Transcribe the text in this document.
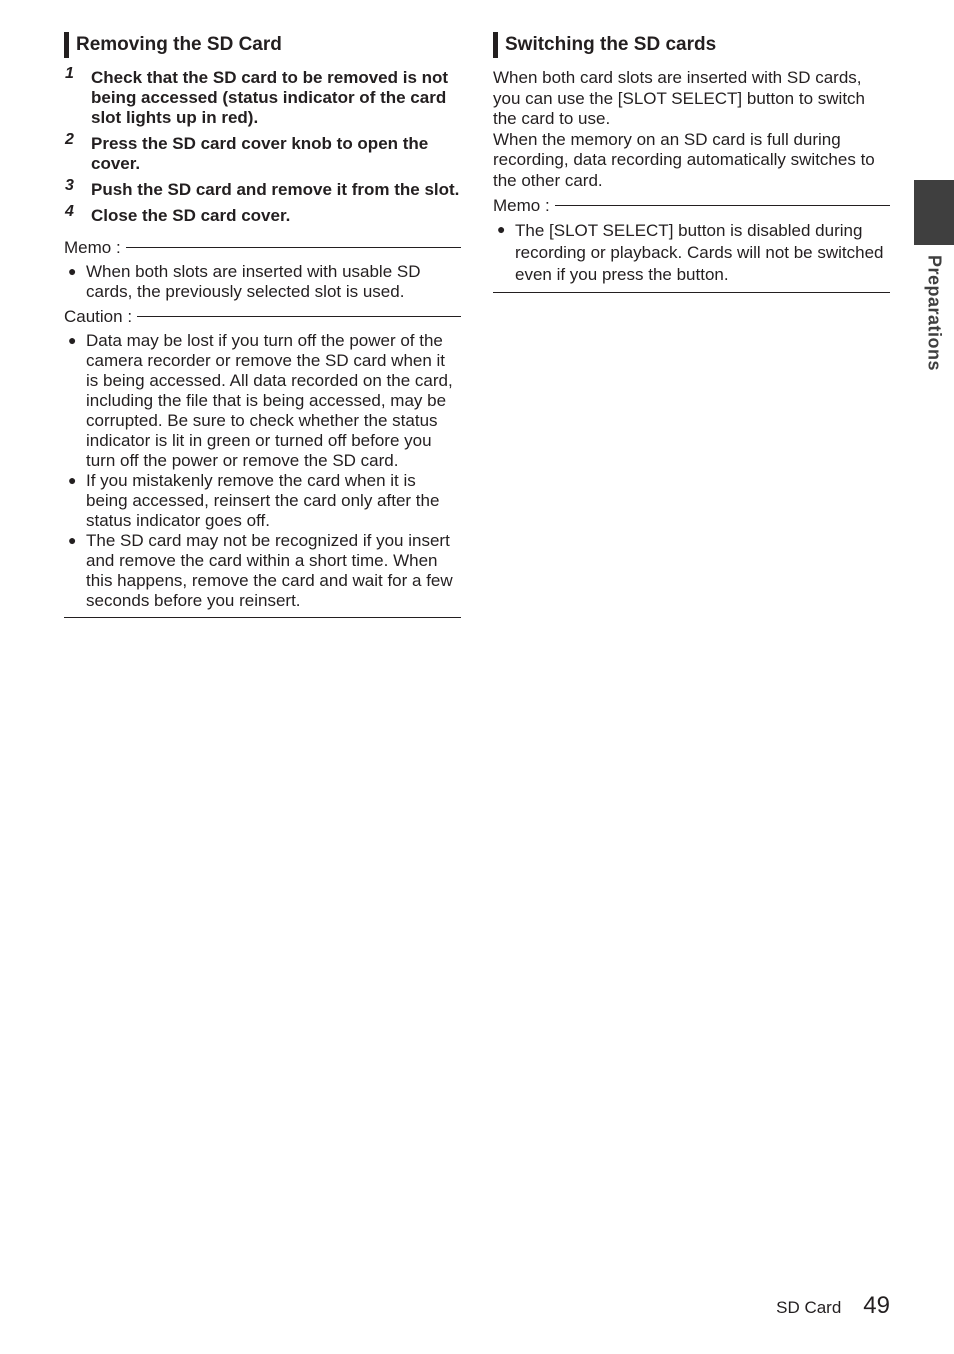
Removing the SD Card
1	Check that the SD card to be removed is not being accessed (status indicator of the card slot lights up in red).
2	Press the SD card cover knob to open the cover.
3	Push the SD card and remove it from the slot.
4	Close the SD card cover.
Memo :
● When both slots are inserted with usable SD cards, the previously selected slot is used.
Caution :
● Data may be lost if you turn off the power of the camera recorder or remove the SD card when it is being accessed. All data recorded on the card, including the file that is being accessed, may be corrupted. Be sure to check whether the status indicator is lit in green or turned off before you turn off the power or remove the SD card.
● If you mistakenly remove the card when it is being accessed, reinsert the card only after the status indicator goes off.
● The SD card may not be recognized if you insert and remove the card within a short time. When this happens, remove the card and wait for a few seconds before you reinsert.
Switching the SD cards

When both card slots are inserted with SD cards, you can use the [SLOT SELECT] button to switch the card to use.

When the memory on an SD card is full during recording, data recording automatically switches to the other card.

Memo :
● The [SLOT SELECT] button is disabled during recording or playback. Cards will not be switched even if you press the button.	Preparations
SD Card 49
